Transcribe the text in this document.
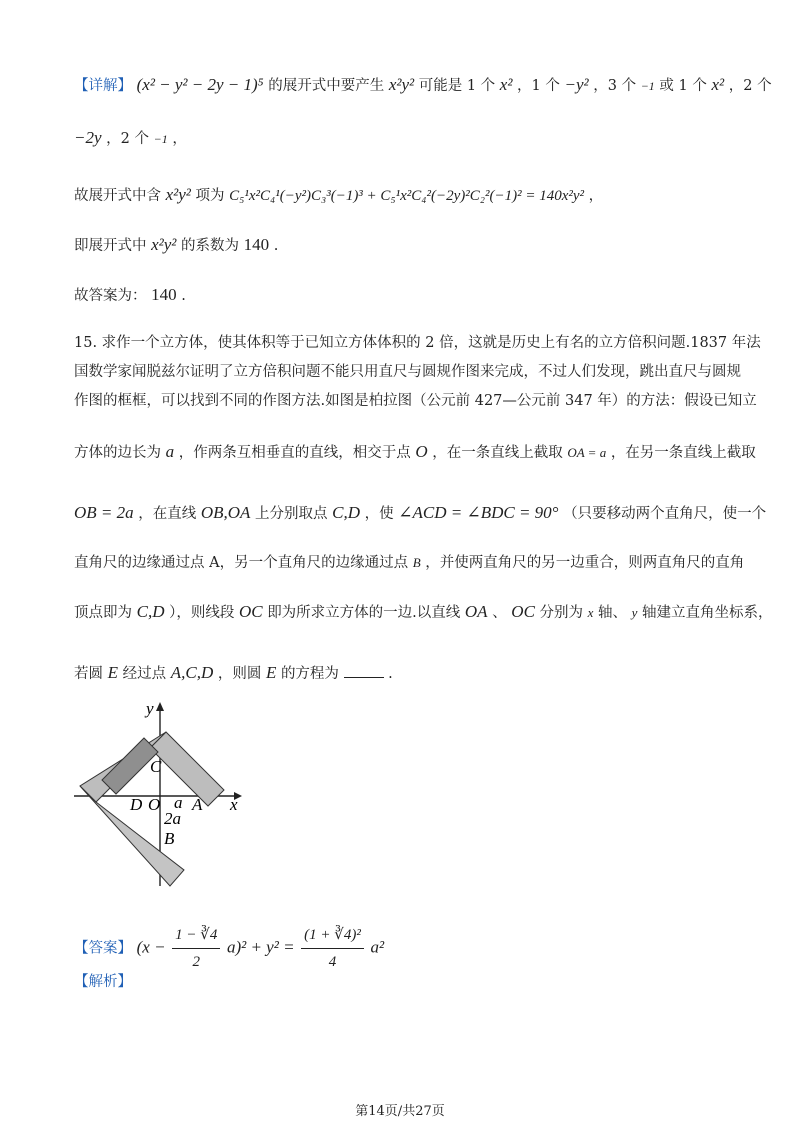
【详解】 (x² − y² − 2y − 1)⁵ 的展开式中要产生 x²y² 可能是 1 个 x² ，1 个 −y² ，3 个 −1 或 1 个 x² ，2 个
−2y ，2 个 −1 ，
故展开式中含 x²y² 项为 C₅¹x²C₄¹(−y²)C₃³(−1)³ + C₅¹x²C₄²(−2y)²C₂²(−1)² = 140x²y² ，
即展开式中 x²y² 的系数为 140 .
故答案为： 140 .
15. 求作一个立方体，使其体积等于已知立方体体积的 2 倍，这就是历史上有名的立方倍积问题.1837 年法
国数学家闻脱兹尔证明了立方倍积问题不能只用直尺与圆规作图来完成，不过人们发现，跳出直尺与圆规
作图的框框，可以找到不同的作图方法.如图是柏拉图（公元前 427—公元前 347 年）的方法：假设已知立
方体的边长为 a ，作两条互相垂直的直线，相交于点 O ，在一条直线上截取 OA = a ，在另一条直线上截取
OB = 2a ，在直线 OB,OA 上分别取点 C,D ，使 ∠ACD = ∠BDC = 90° （只要移动两个直角尺，使一个
直角尺的边缘通过点 A，另一个直角尺的边缘通过点 B ，并使两直角尺的另一边重合，则两直角尺的直角
顶点即为 C,D ），则线段 OC 即为所求立方体的一边.以直线 OA 、 OC 分别为 x 轴、 y 轴建立直角坐标系，
若圆 E 经过点 A,C,D ，则圆 E 的方程为	.
y
x
C
D O a A
2a
B
【答案】 $(x - \frac{1 - ∛4}{2} a)^2 + y^2 = \frac{\text{(1 + ∛4)²}}{4} a^2$
【解析】
第14页/共27页
